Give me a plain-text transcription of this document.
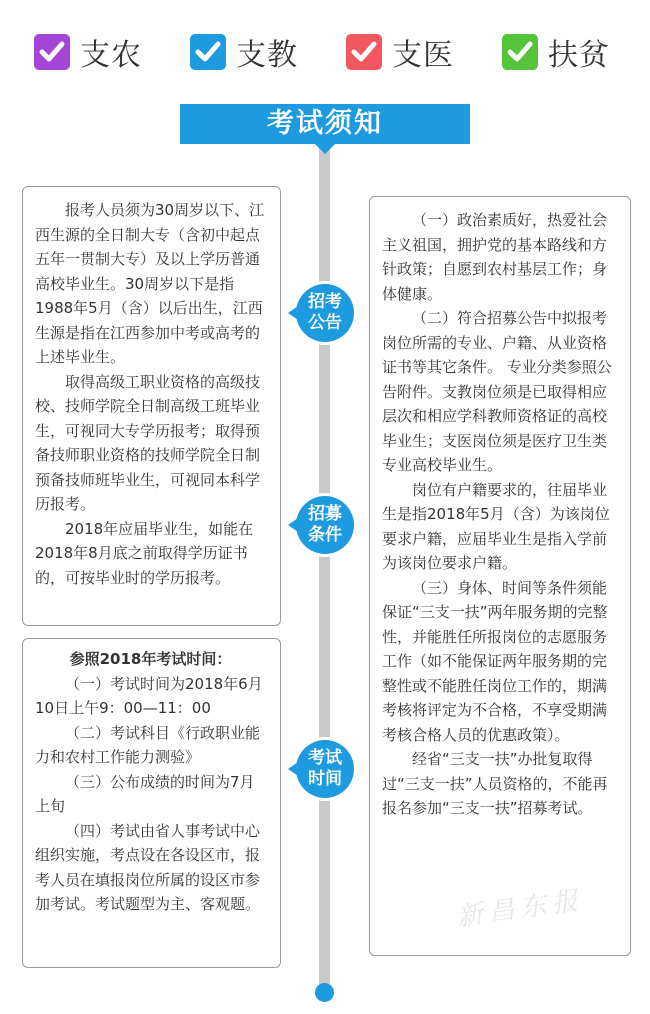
支农	支教	支医	扶贫
考试须知

报考人员须为30周岁以下、江西生源的全日制大专（含初中起点五年一贯制大专）及以上学历普通高校毕业生。30周岁以下是指1988年5月（含）以后出生，江西生源是指在江西参加中考或高考的上述毕业生。

取得高级工职业资格的高级技校、技师学院全日制高级工班毕业生，可视同大专学历报考；取得预备技师职业资格的技师学院全日制预备技师班毕业生，可视同本科学历报考。

2018年应届毕业生，如能在2018年8月底之前取得学历证书的，可按毕业时的学历报考。

参照2018年考试时间：

（一）考试时间为2018年6月10日上午9：00—11：00

（二）考试科目《行政职业能力和农村工作能力测验》

（三）公布成绩的时间为7月上旬

（四）考试由省人事考试中心组织实施，考点设在各设区市，报考人员在填报岗位所属的设区市参加考试。考试题型为主、客观题。

（一）政治素质好，热爱社会主义祖国，拥护党的基本路线和方针政策；自愿到农村基层工作；身体健康。

（二）符合招募公告中拟报考岗位所需的专业、户籍、从业资格证书等其它条件。 专业分类参照公告附件。支教岗位须是已取得相应层次和相应学科教师资格证的高校毕业生；支医岗位须是医疗卫生类专业高校毕业生。

岗位有户籍要求的，往届毕业生是指2018年5月（含）为该岗位要求户籍，应届毕业生是指入学前为该岗位要求户籍。

（三）身体、时间等条件须能保证“三支一扶”两年服务期的完整性，并能胜任所报岗位的志愿服务工作（如不能保证两年服务期的完整性或不能胜任岗位工作的，期满考核将评定为不合格，不享受期满考核合格人员的优惠政策）。

经省“三支一扶”办批复取得过“三支一扶”人员资格的，不能再报名参加“三支一扶”招募考试。

招考
公告
招募
条件
考试
时间
新昌东报
